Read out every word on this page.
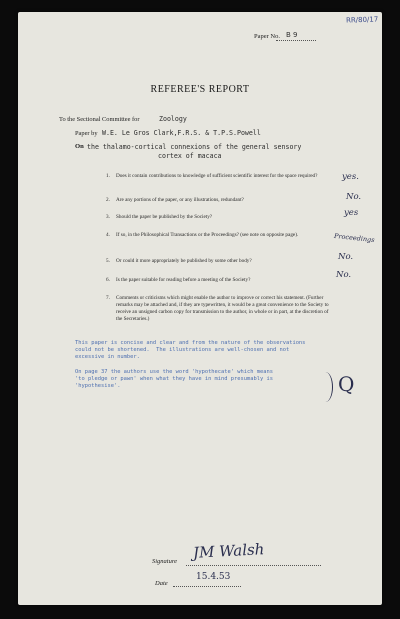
RR/80/17
Paper No. B 9
REFEREE'S REPORT
To the Sectional Committee for	Zoology
Paper by W.E. Le Gros Clark,F.R.S. & T.P.S.Powell
On the thalamo-cortical connexions of the general sensory
cortex of macaca
1. Does it contain contributions to knowledge of sufficient scientific interest for the space required?
2. Are any portions of the paper, or any illustrations, redundant?
3. Should the paper be published by the Society?
4. If so, in the Philosophical Transactions or the Proceedings? (see note on opposite page).
5. Or could it more appropriately be published by some other body?
6. Is the paper suitable for reading before a meeting of the Society?
7. Comments or criticisms which might enable the author to improve or correct his statement. (Further remarks may be attached and, if they are typewritten, it would be a great convenience to the Society to receive an unsigned carbon copy for transmission to the author, in whole or in part, at the discretion of the Secretaries.)
yes.
No.
yes
Proceedings
No.
No.
This paper is concise and clear and from the nature of the observations
could not be shortened.  The illustrations are well-chosen and not
excessive in number.
On page 37 the authors use the word 'hypothecate' which means
'to pledge or pawn' when what they have in mind presumably is
'hypothesise'.	Q
Signature JM Walsh
Date
15.4.53
